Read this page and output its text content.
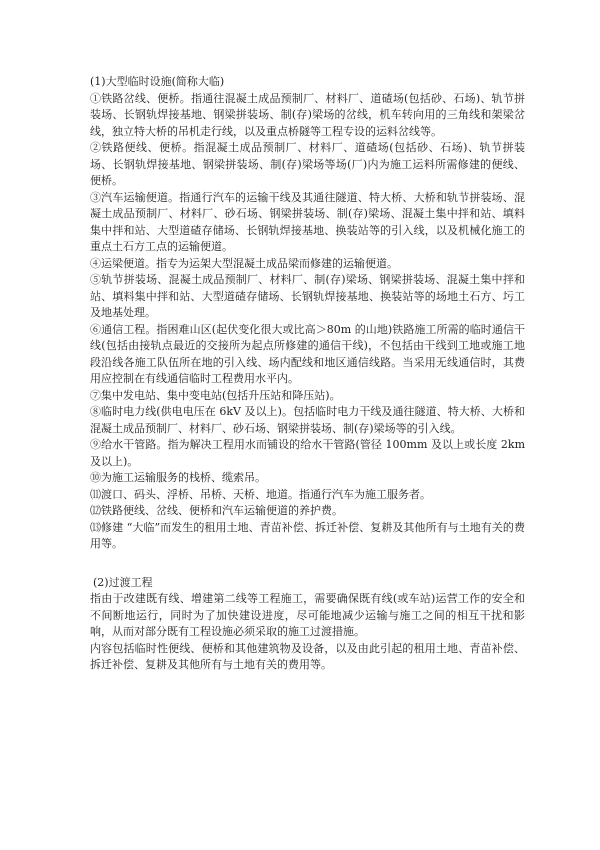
(1)大型临时设施(简称大临)

①铁路岔线、便桥。指通往混凝土成品预制厂、材料厂、道碴场(包括砂、石场)、轨节拼装场、长钢轨焊接基地、钢梁拼装场、制(存)梁场的岔线，机车转向用的三角线和架梁岔线，独立特大桥的吊机走行线，以及重点桥隧等工程专设的运料岔线等。

②铁路便线、便桥。指混凝土成品预制厂、材料厂、道碴场(包括砂、石场)、轨节拼装场、长钢轨焊接基地、钢梁拼装场、制(存)梁场等场(厂)内为施工运料所需修建的便线、便桥。

③汽车运输便道。指通行汽车的运输干线及其通往隧道、特大桥、大桥和轨节拼装场、混凝土成品预制厂、材料厂、砂石场、钢梁拼装场、制(存)梁场、混凝土集中拌和站、填料集中拌和站、大型道碴存储场、长钢轨焊接基地、换装站等的引入线，以及机械化施工的重点土石方工点的运输便道。

④运梁便道。指专为运架大型混凝土成品梁而修建的运输便道。

⑤轨节拼装场、混凝土成品预制厂、材料厂、制(存)梁场、钢梁拼装场、混凝土集中拌和站、填料集中拌和站、大型道碴存储场、长钢轨焊接基地、换装站等的场地土石方、圬工及地基处理。

⑥通信工程。指困难山区(起伏变化很大或比高＞80m 的山地)铁路施工所需的临时通信干线(包括由接轨点最近的交接所为起点所修建的通信干线)，不包括由干线到工地或施工地段沿线各施工队伍所在地的引入线、场内配线和地区通信线路。当采用无线通信时，其费用应控制在有线通信临时工程费用水平内。

⑦集中发电站、集中变电站(包括升压站和降压站)。

⑧临时电力线(供电电压在 6kV 及以上)。包括临时电力干线及通往隧道、特大桥、大桥和混凝土成品预制厂、材料厂、砂石场、钢梁拼装场、制(存)梁场等的引入线。

⑨给水干管路。指为解决工程用水而铺设的给水干管路(管径 100mm 及以上或长度 2km 及以上)。

⑩为施工运输服务的栈桥、缆索吊。

⑾渡口、码头、浮桥、吊桥、天桥、地道。指通行汽车为施工服务者。

⑿铁路便线、岔线、便桥和汽车运输便道的养护费。

⒀修建 “大临”而发生的租用土地、青苗补偿、拆迁补偿、复耕及其他所有与土地有关的费用等。

(2)过渡工程

指由于改建既有线、增建第二线等工程施工，需要确保既有线(或车站)运营工作的安全和不间断地运行，同时为了加快建设进度，尽可能地减少运输与施工之间的相互干扰和影响，从而对部分既有工程设施必须采取的施工过渡措施。

内容包括临时性便线、便桥和其他建筑物及设备，以及由此引起的租用土地、青苗补偿、拆迁补偿、复耕及其他所有与土地有关的费用等。
